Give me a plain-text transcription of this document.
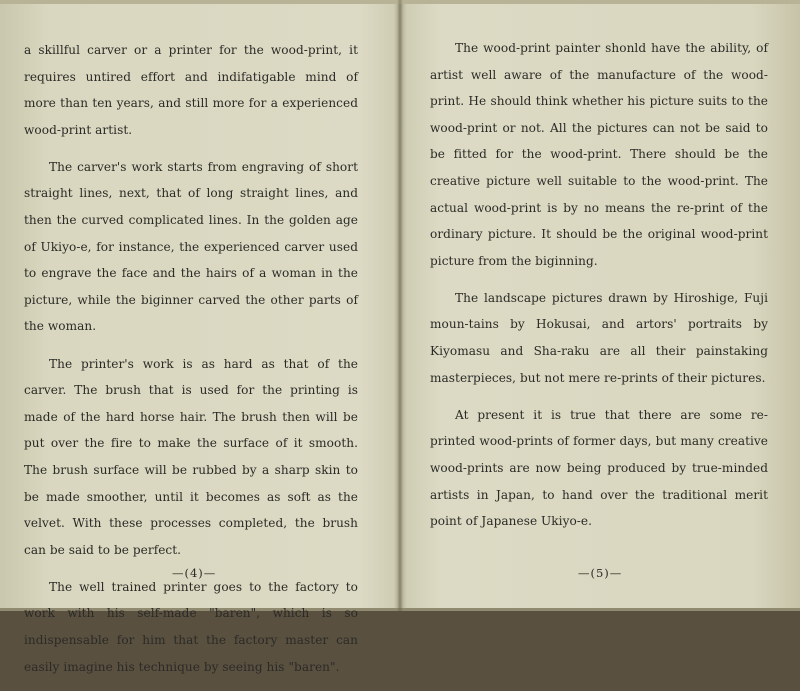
a skillful carver or a printer for the wood-print, it requires untired effort and indifatigable mind of more than ten years, and still more for a experienced wood-print artist.

The carver's work starts from engraving of short straight lines, next, that of long straight lines, and then the curved complicated lines. In the golden age of Ukiyo-e, for instance, the experienced carver used to engrave the face and the hairs of a woman in the picture, while the biginner carved the other parts of the woman.

The printer's work is as hard as that of the carver. The brush that is used for the printing is made of the hard horse hair. The brush then will be put over the fire to make the surface of it smooth. The brush surface will be rubbed by a sharp skin to be made smoother, until it becomes as soft as the velvet. With these processes completed, the brush can be said to be perfect.

The well trained printer goes to the factory to work with his self-made "baren", which is so indispensable for him that the factory master can easily imagine his technique by seeing his "baren".

—(4)—

The wood-print painter shonld have the ability, of artist well aware of the manufacture of the wood-print. He should think whether his picture suits to the wood-print or not. All the pictures can not be said to be fitted for the wood-print. There should be the creative picture well suitable to the wood-print. The actual wood-print is by no means the re-print of the ordinary picture. It should be the original wood-print picture from the biginning.

The landscape pictures drawn by Hiroshige, Fuji moun-tains by Hokusai, and artors' portraits by Kiyomasu and Sha-raku are all their painstaking masterpieces, but not mere re-prints of their pictures.

At present it is true that there are some re-printed wood-prints of former days, but many creative wood-prints are now being produced by true-minded artists in Japan, to hand over the traditional merit point of Japanese Ukiyo-e.

—(5)—
